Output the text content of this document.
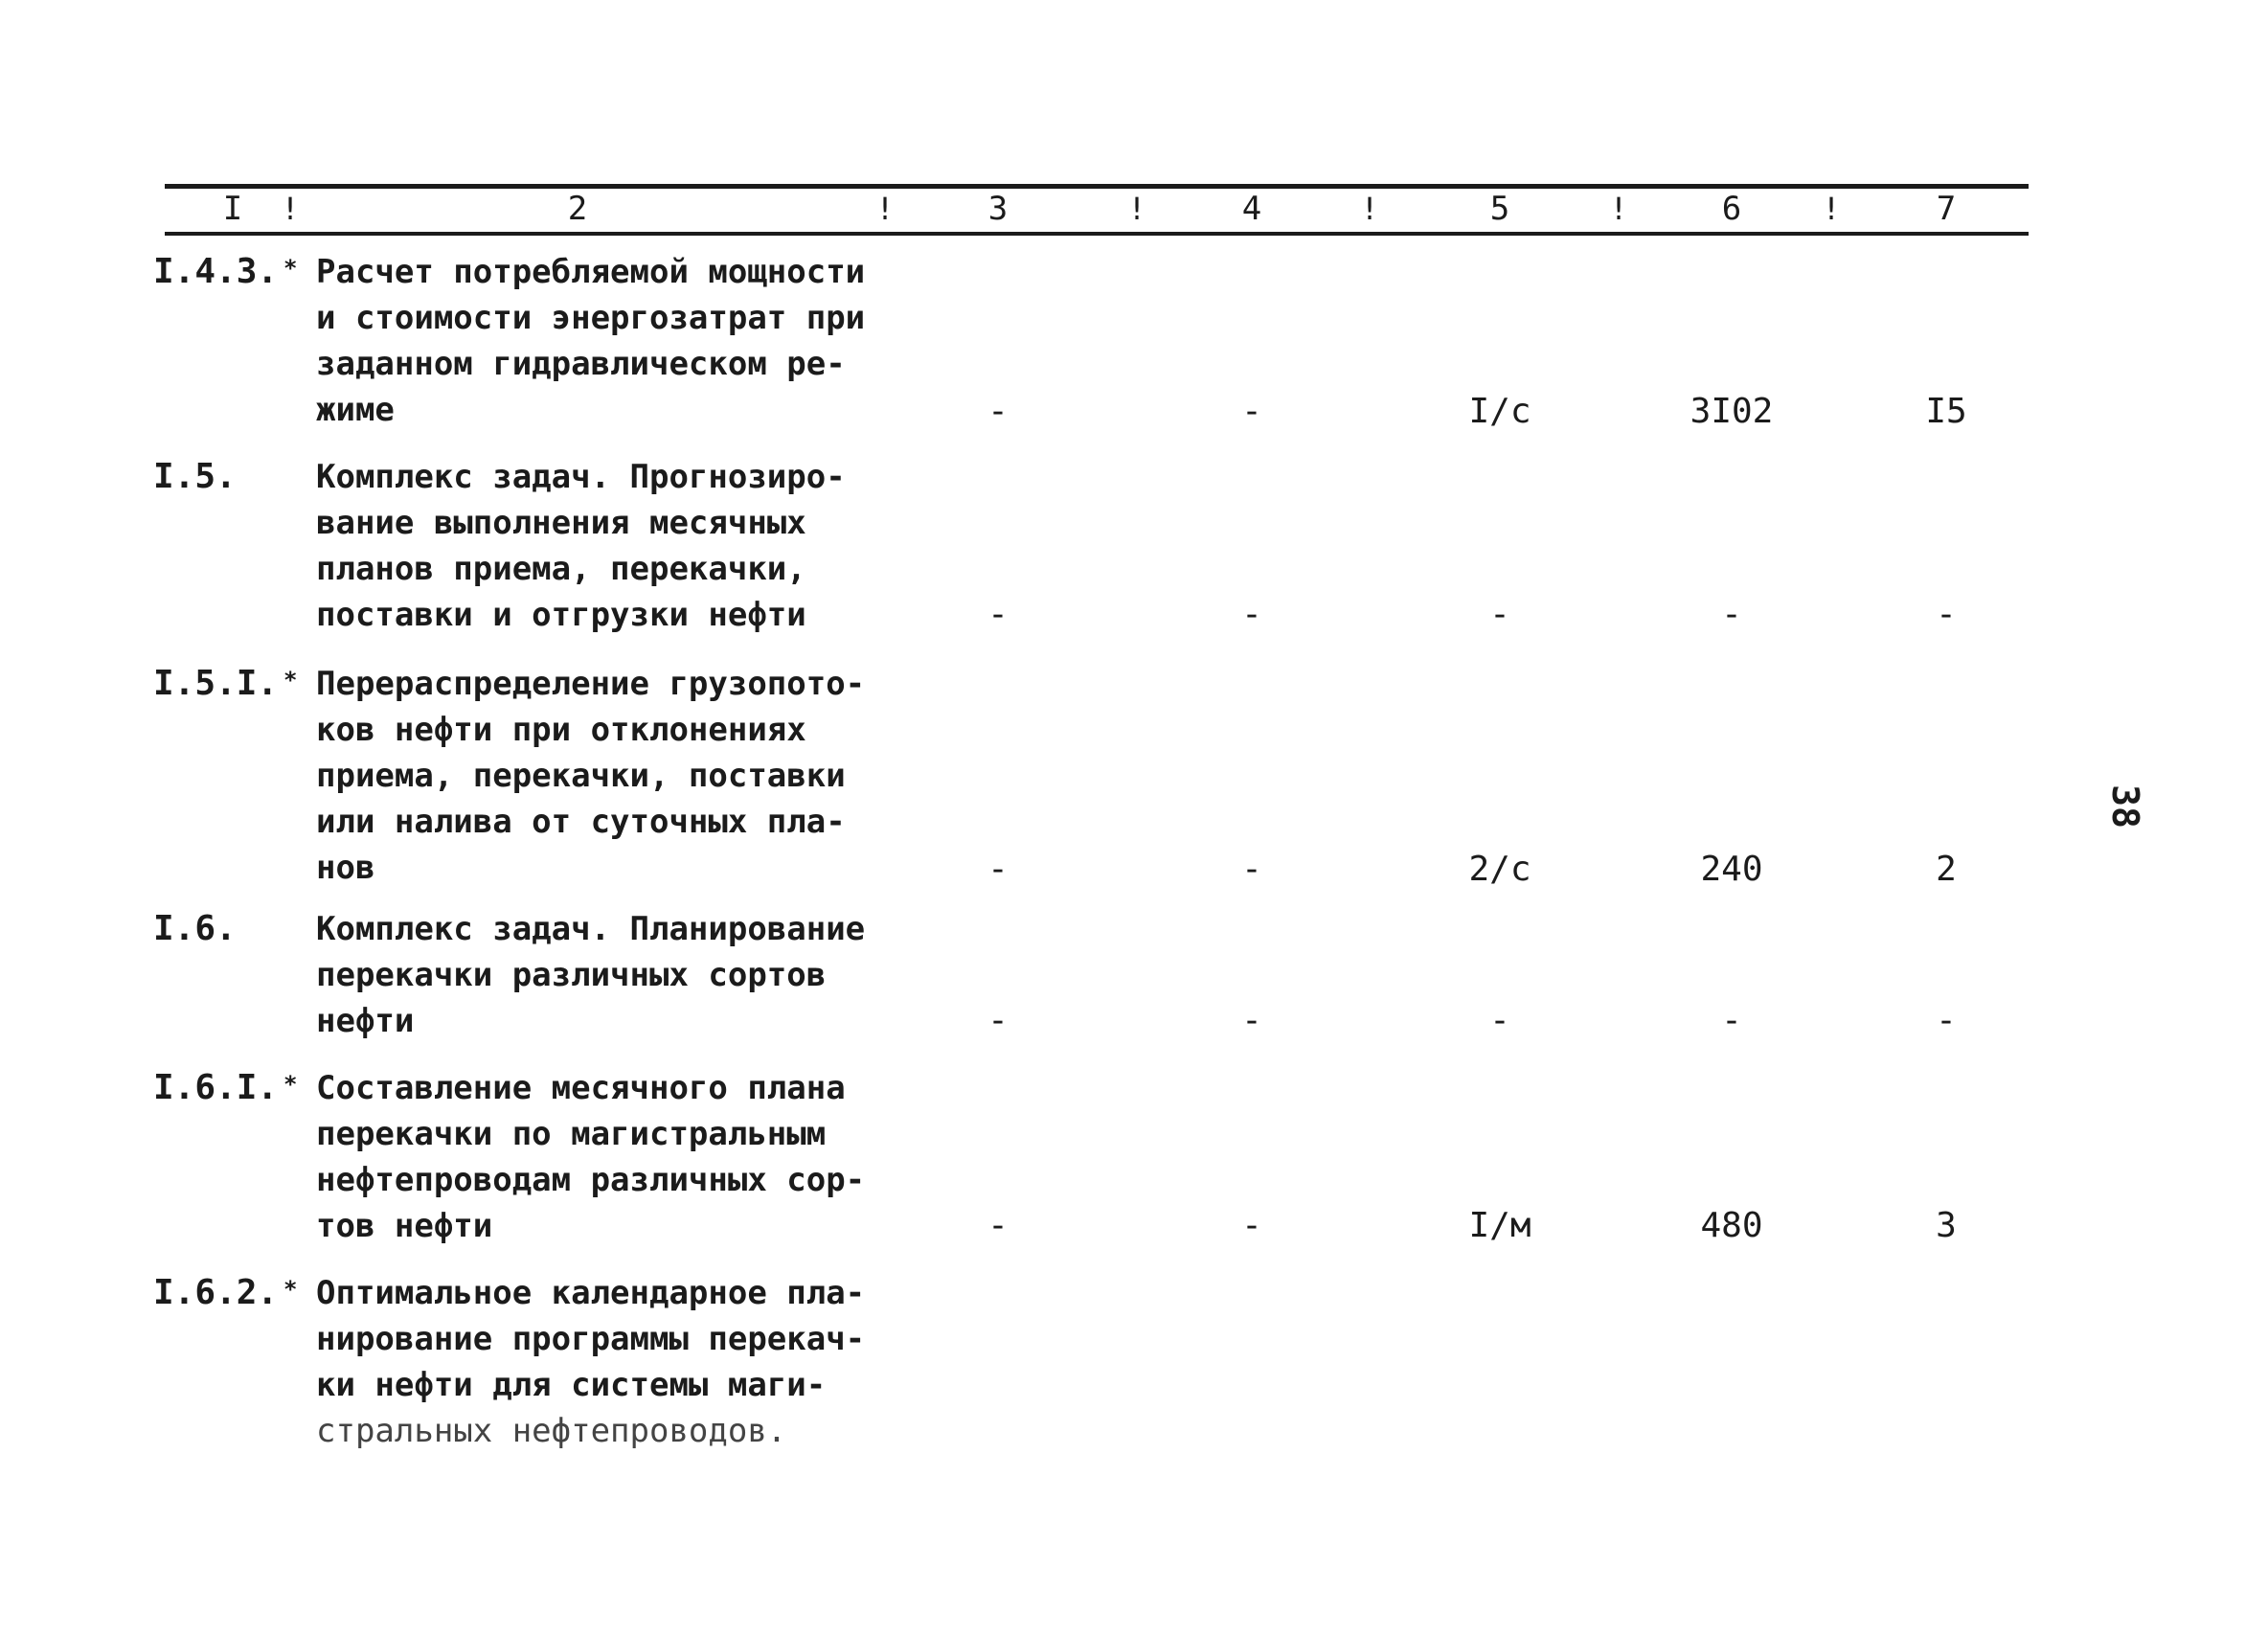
I	2	3	4	5	6	7
!	!	!	!	!	!
I.4.3. * Расчет потребляемой мощности
и стоимости энергозатрат при
заданном гидравлическом ре-
жиме	-	-	I/с	3I02	I5
I.5. Комплекс задач. Прогнозиро-
вание выполнения месячных
планов приема, перекачки,
поставки и отгрузки нефти	-	-	-	-	-
I.5.I. * Перераспределение грузопото-
ков нефти при отклонениях
приема, перекачки, поставки
или налива от суточных пла-
нов	-	-	2/с	240	2
I.6. Комплекс задач. Планирование
перекачки различных сортов
нефти	-	-	-	-	-
I.6.I. * Составление месячного плана
перекачки по магистральным
нефтепроводам различных сор-
тов нефти	-	-	I/м	480	3
I.6.2. * Оптимальное календарное пла-
нирование программы перекач-
ки нефти для системы маги-
стральных нефтепроводов.
38
